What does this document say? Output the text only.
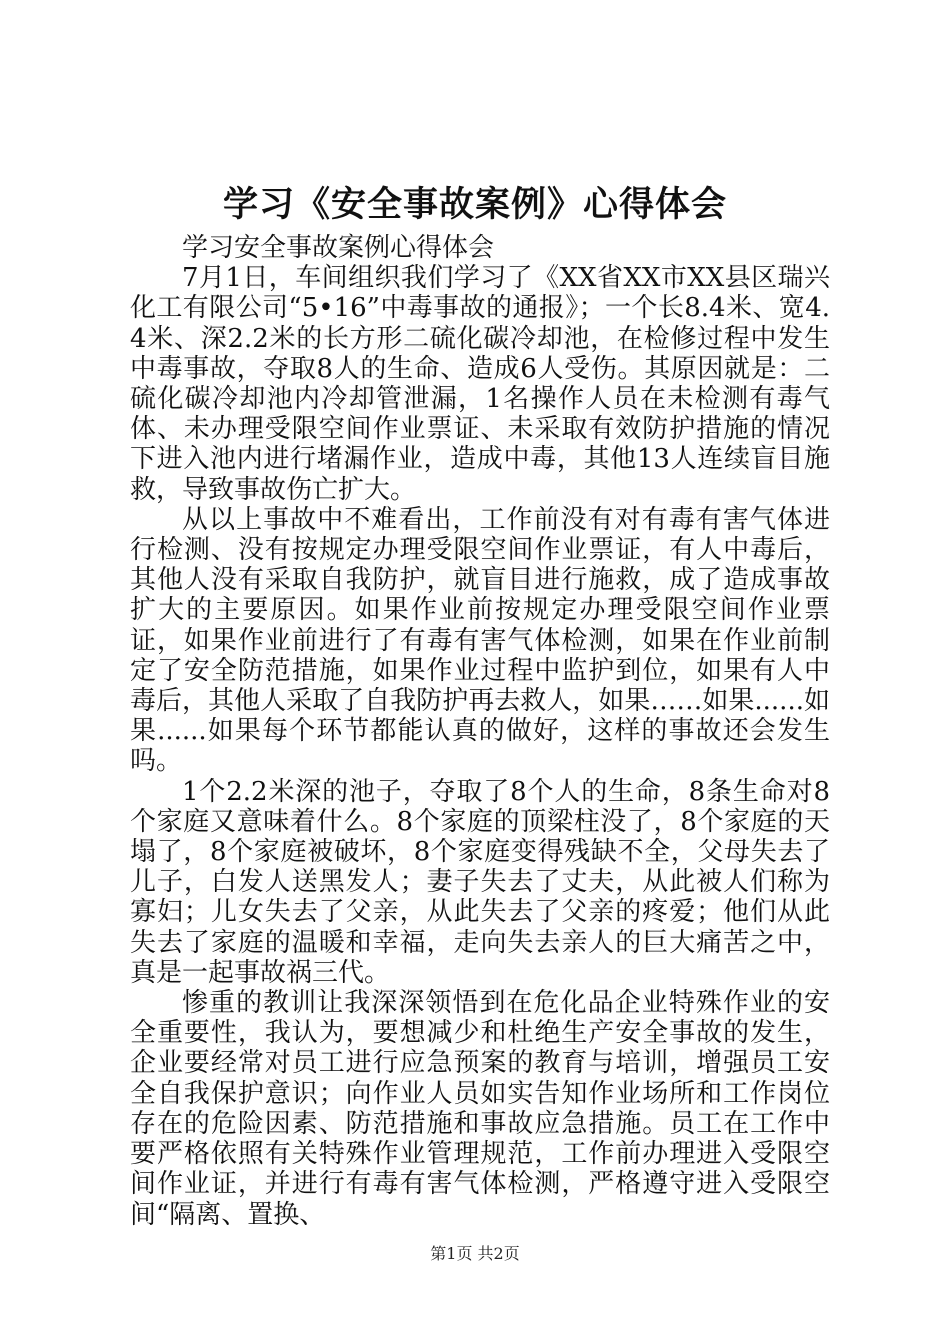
学习《安全事故案例》心得体会

学习安全事故案例心得体会

7月1日，车间组织我们学习了《XX省XX市XX县区瑞兴化工有限公司“5•16”中毒事故的通报》；一个长8.4米、宽4.4米、深2.2米的长方形二硫化碳冷却池，在检修过程中发生中毒事故，夺取8人的生命、造成6人受伤。其原因就是：二硫化碳冷却池内冷却管泄漏，1名操作人员在未检测有毒气体、未办理受限空间作业票证、未采取有效防护措施的情况下进入池内进行堵漏作业，造成中毒，其他13人连续盲目施救，导致事故伤亡扩大。

从以上事故中不难看出，工作前没有对有毒有害气体进行检测、没有按规定办理受限空间作业票证，有人中毒后，其他人没有采取自我防护，就盲目进行施救，成了造成事故扩大的主要原因。如果作业前按规定办理受限空间作业票证，如果作业前进行了有毒有害气体检测，如果在作业前制定了安全防范措施，如果作业过程中监护到位，如果有人中毒后，其他人采取了自我防护再去救人，如果……如果......如果......如果每个环节都能认真的做好，这样的事故还会发生吗。

1个2.2米深的池子，夺取了8个人的生命，8条生命对8个家庭又意味着什么。8个家庭的顶梁柱没了，8个家庭的天塌了，8个家庭被破坏，8个家庭变得残缺不全，父母失去了儿子，白发人送黑发人；妻子失去了丈夫，从此被人们称为寡妇；儿女失去了父亲，从此失去了父亲的疼爱；他们从此失去了家庭的温暖和幸福，走向失去亲人的巨大痛苦之中，真是一起事故祸三代。

惨重的教训让我深深领悟到在危化品企业特殊作业的安全重要性，我认为，要想减少和杜绝生产安全事故的发生，企业要经常对员工进行应急预案的教育与培训，增强员工安全自我保护意识；向作业人员如实告知作业场所和工作岗位存在的危险因素、防范措施和事故应急措施。员工在工作中要严格依照有关特殊作业管理规范，工作前办理进入受限空间作业证，并进行有毒有害气体检测，严格遵守进入受限空间“隔离、置换、

第1页 共2页
